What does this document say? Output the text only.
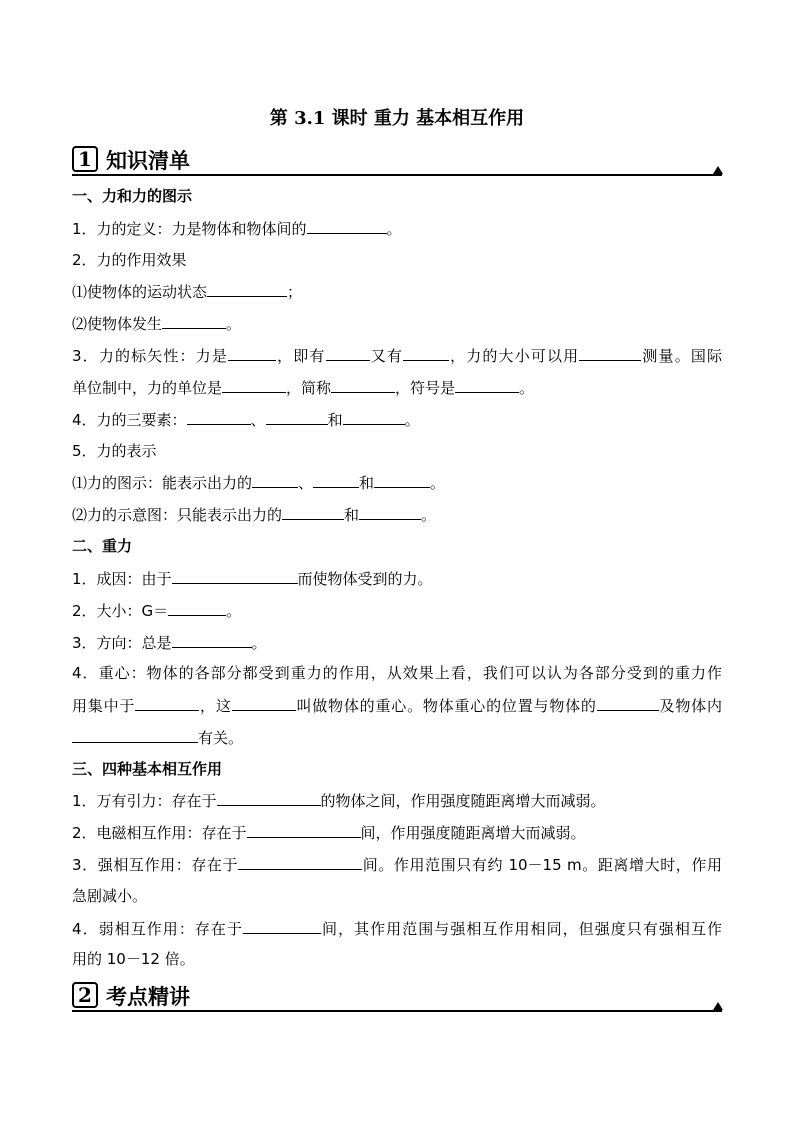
第 3.1 课时 重力 基本相互作用
1 知识清单
一、力和力的图示
1．力的定义：力是物体和物体间的	。
2．力的作用效果
⑴使物体的运动状态	；
⑵使物体发生	。
3．力的标矢性：力是	，即有	又有	，力的大小可以用	测量。国际
单位制中，力的单位是	，简称	，符号是	。
4．力的三要素：	、	和	。
5．力的表示
⑴力的图示：能表示出力的	、	和	。
⑵力的示意图：只能表示出力的	和	。
二、重力
1．成因：由于	而使物体受到的力。
2．大小：G＝	。
3．方向：总是	。
4．重心：物体的各部分都受到重力的作用，从效果上看，我们可以认为各部分受到的重力作
用集中于	，这	叫做物体的重心。物体重心的位置与物体的	及物体内
有关。
三、四种基本相互作用
1．万有引力：存在于	的物体之间，作用强度随距离增大而减弱。
2．电磁相互作用：存在于	间，作用强度随距离增大而减弱。
3．强相互作用：存在于	间。作用范围只有约 10－15 m。距离增大时，作用
急剧减小。
4．弱相互作用：存在于	间，其作用范围与强相互作用相同，但强度只有强相互作
用的 10－12 倍。
2 考点精讲
